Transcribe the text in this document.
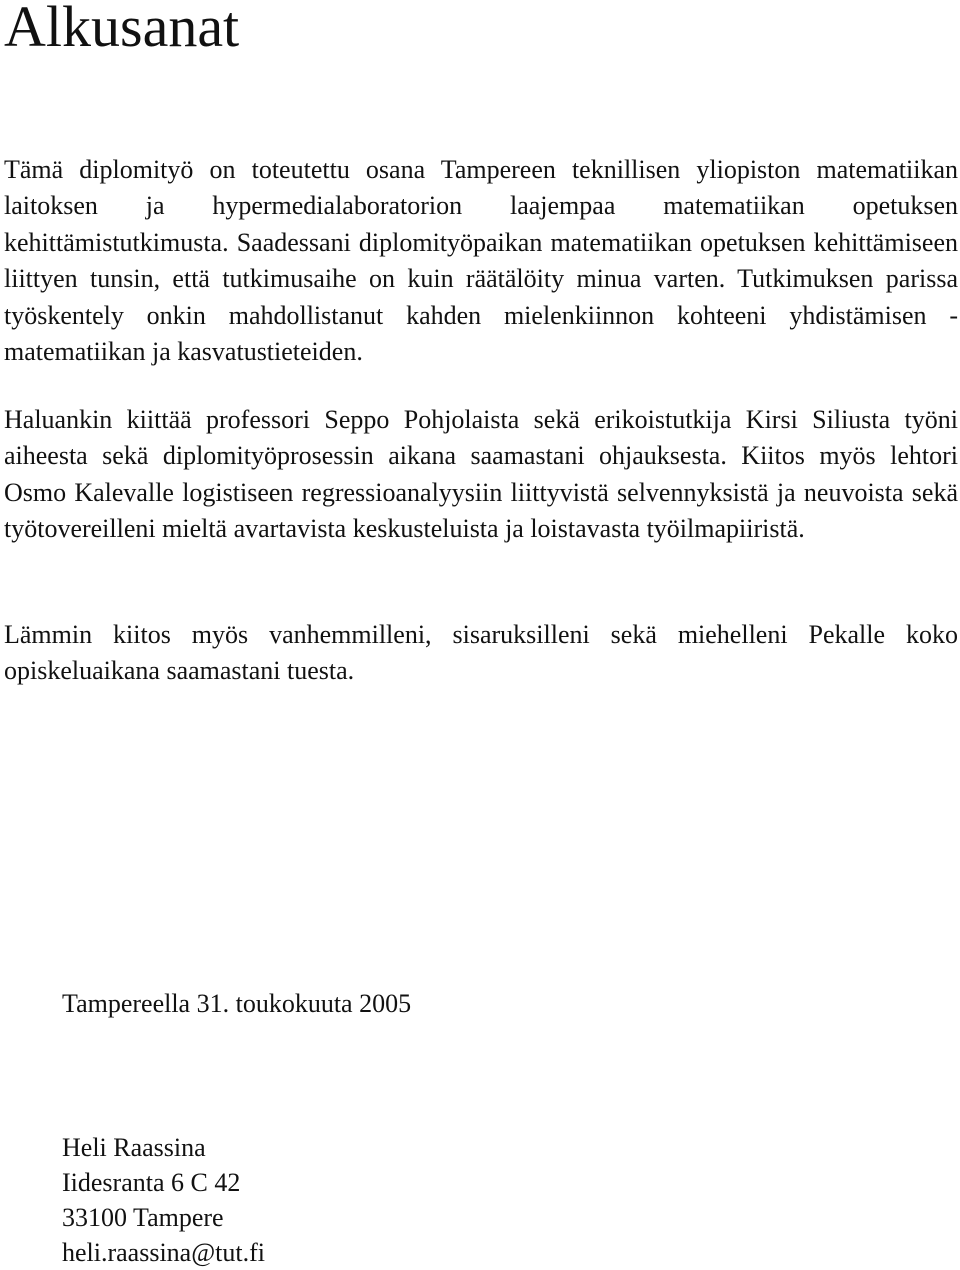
Alkusanat

Tämä diplomityö on toteutettu osana Tampereen teknillisen yliopiston matematiikan laitoksen ja hypermedialaboratorion laajempaa matematiikan opetuksen kehittämistutkimusta. Saadessani diplomityöpaikan matematiikan opetuksen kehittämiseen liittyen tunsin, että tutkimusaihe on kuin räätälöity minua varten. Tutkimuksen parissa työskentely onkin mahdollistanut kahden mielenkiinnon kohteeni yhdistämisen - matematiikan ja kasvatustieteiden.

Haluankin kiittää professori Seppo Pohjolaista sekä erikoistutkija Kirsi Siliusta työni aiheesta sekä diplomityöprosessin aikana saamastani ohjauksesta. Kiitos myös lehtori Osmo Kalevalle logistiseen regressioanalyysiin liittyvistä selvennyksistä ja neuvoista sekä työtovereilleni mieltä avartavista keskusteluista ja loistavasta työilmapiiristä.

Lämmin kiitos myös vanhemmilleni, sisaruksilleni sekä miehelleni Pekalle koko opiskeluaikana saamastani tuesta.

Tampereella 31. toukokuuta 2005
Heli Raassina
Iidesranta 6 C 42
33100 Tampere
heli.raassina@tut.fi
